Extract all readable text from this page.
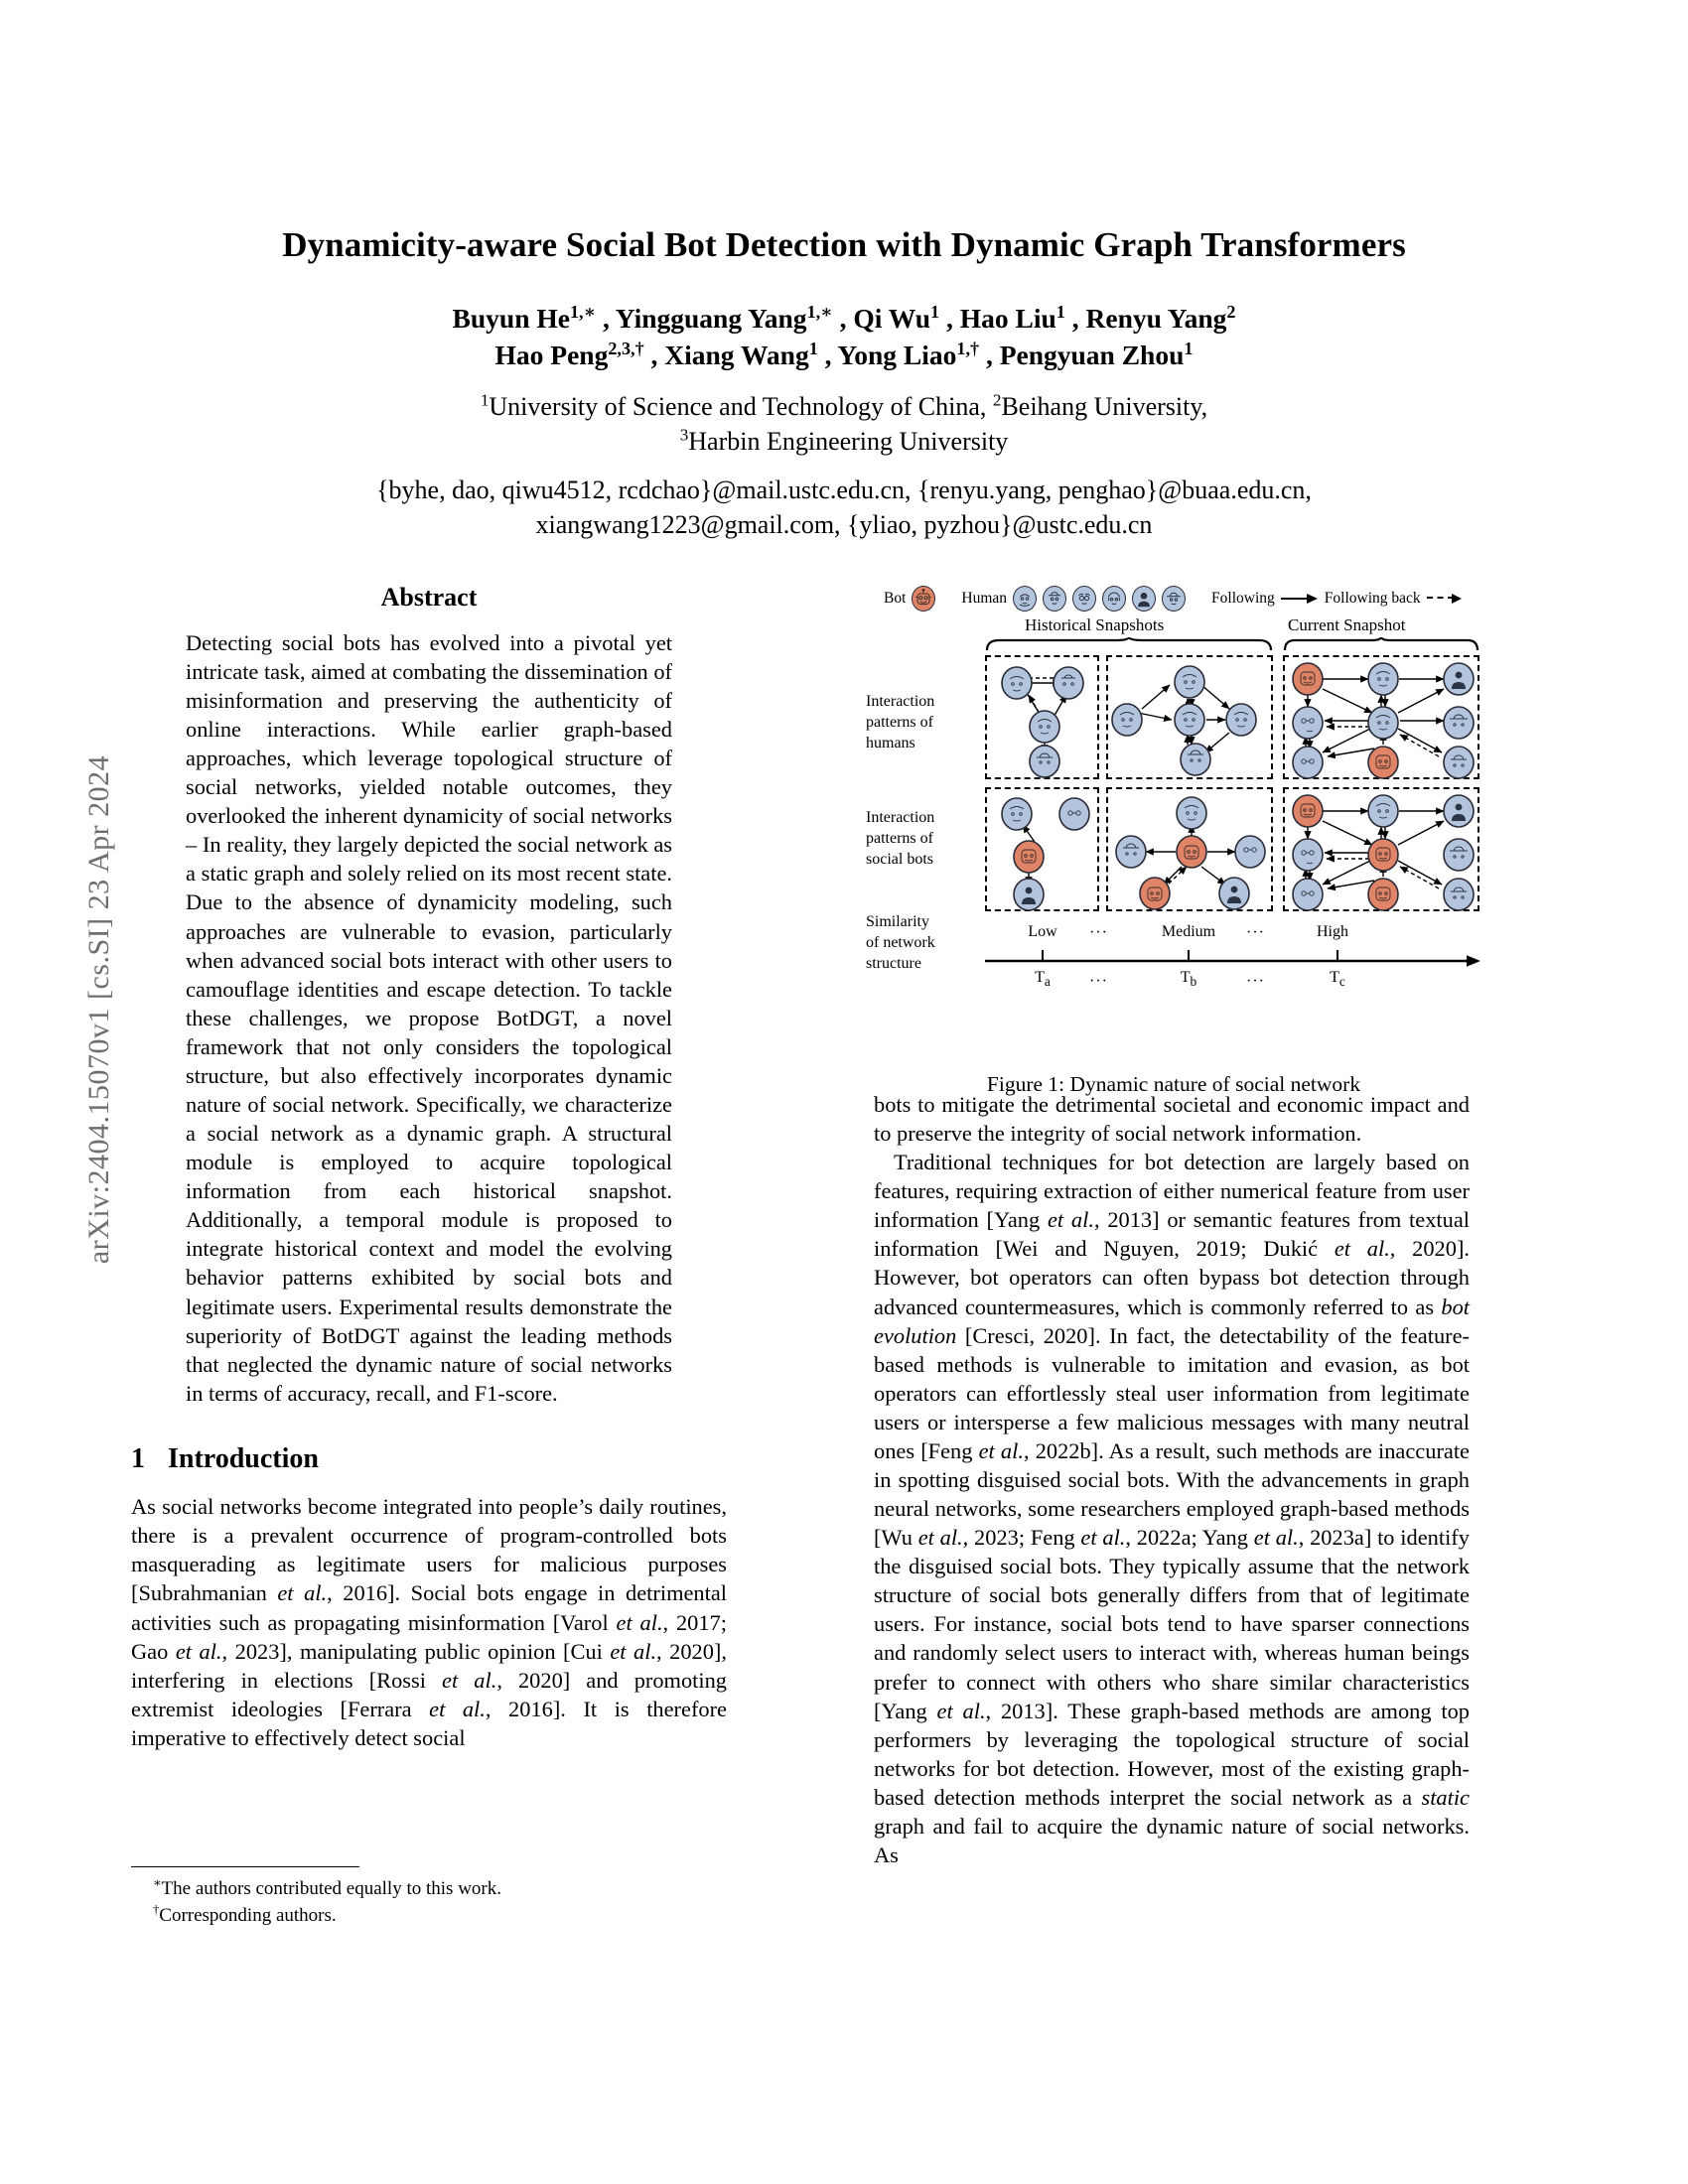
arXiv:2404.15070v1 [cs.SI] 23 Apr 2024
Dynamicity-aware Social Bot Detection with Dynamic Graph Transformers
Buyun $He^{1,∗}$ , Yingguang Yang$^{1,∗}$ , Qi Wu$^1$ , Hao Liu$^1$ , Renyu Yang$^2$
Hao Peng$^{2,3,\dagger}$ , Xiang Wang$^1$ , Yong Liao$^{1,\dagger}$ , Pengyuan Zhou$^1$
$^1$University of Science and Technology of China, $^2$Beihang University,
$^3$Harbin Engineering University
{byhe, dao, qiwu4512, rcdchao}@mail.ustc.edu.cn, {renyu.yang, penghao}@buaa.edu.cn,
xiangwang1223@gmail.com, {yliao, pyzhou}@ustc.edu.cn
Abstract
Detecting social bots has evolved into a pivotal yet intricate task, aimed at combating the dissemination of misinformation and preserving the authenticity of online interactions. While earlier graph-based approaches, which leverage topological structure of social networks, yielded notable outcomes, they overlooked the inherent dynamicity of social networks – In reality, they largely depicted the social network as a static graph and solely relied on its most recent state. Due to the absence of dynamicity modeling, such approaches are vulnerable to evasion, particularly when advanced social bots interact with other users to camouflage identities and escape detection. To tackle these challenges, we propose BotDGT, a novel framework that not only considers the topological structure, but also effectively incorporates dynamic nature of social network. Specifically, we characterize a social network as a dynamic graph. A structural module is employed to acquire topological information from each historical snapshot. Additionally, a temporal module is proposed to integrate historical context and model the evolving behavior patterns exhibited by social bots and legitimate users. Experimental results demonstrate the superiority of BotDGT against the leading methods that neglected the dynamic nature of social networks in terms of accuracy, recall, and F1-score.
1 Introduction

As social networks become integrated into people’s daily routines, there is a prevalent occurrence of program-controlled bots masquerading as legitimate users for malicious purposes [Subrahmanian et al., 2016]. Social bots engage in detrimental activities such as propagating misinformation [Varol et al., 2017; Gao et al., 2023], manipulating public opinion [Cui et al., 2020], interfering in elections [Rossi et al., 2020] and promoting extremist ideologies [Ferrara et al., 2016]. It is therefore imperative to effectively detect social

∗The authors contributed equally to this work.
†Corresponding authors.
Bot	Human	Following	Following back
Historical Snapshots	Current Snapshot
Interaction
patterns of
humans
Interaction
patterns of
social bots
Similarity
of network
structure
Low	···	Medium	···	High
$T_a$	···	$T_b$	···	$T_c$
Figure 1: Dynamic nature of social network

bots to mitigate the detrimental societal and economic impact and to preserve the integrity of social network information.

Traditional techniques for bot detection are largely based on features, requiring extraction of either numerical feature from user information [Yang et al., 2013] or semantic features from textual information [Wei and Nguyen, 2019; Dukić et al., 2020]. However, bot operators can often bypass bot detection through advanced countermeasures, which is commonly referred to as bot evolution [Cresci, 2020]. In fact, the detectability of the feature-based methods is vulnerable to imitation and evasion, as bot operators can effortlessly steal user information from legitimate users or intersperse a few malicious messages with many neutral ones [Feng et al., 2022b]. As a result, such methods are inaccurate in spotting disguised social bots. With the advancements in graph neural networks, some researchers employed graph-based methods [Wu et al., 2023; Feng et al., 2022a; Yang et al., 2023a] to identify the disguised social bots. They typically assume that the network structure of social bots generally differs from that of legitimate users. For instance, social bots tend to have sparser connections and randomly select users to interact with, whereas human beings prefer to connect with others who share similar characteristics [Yang et al., 2013]. These graph-based methods are among top performers by leveraging the topological structure of social networks for bot detection. However, most of the existing graph-based detection methods interpret the social network as a static graph and fail to acquire the dynamic nature of social networks. As
